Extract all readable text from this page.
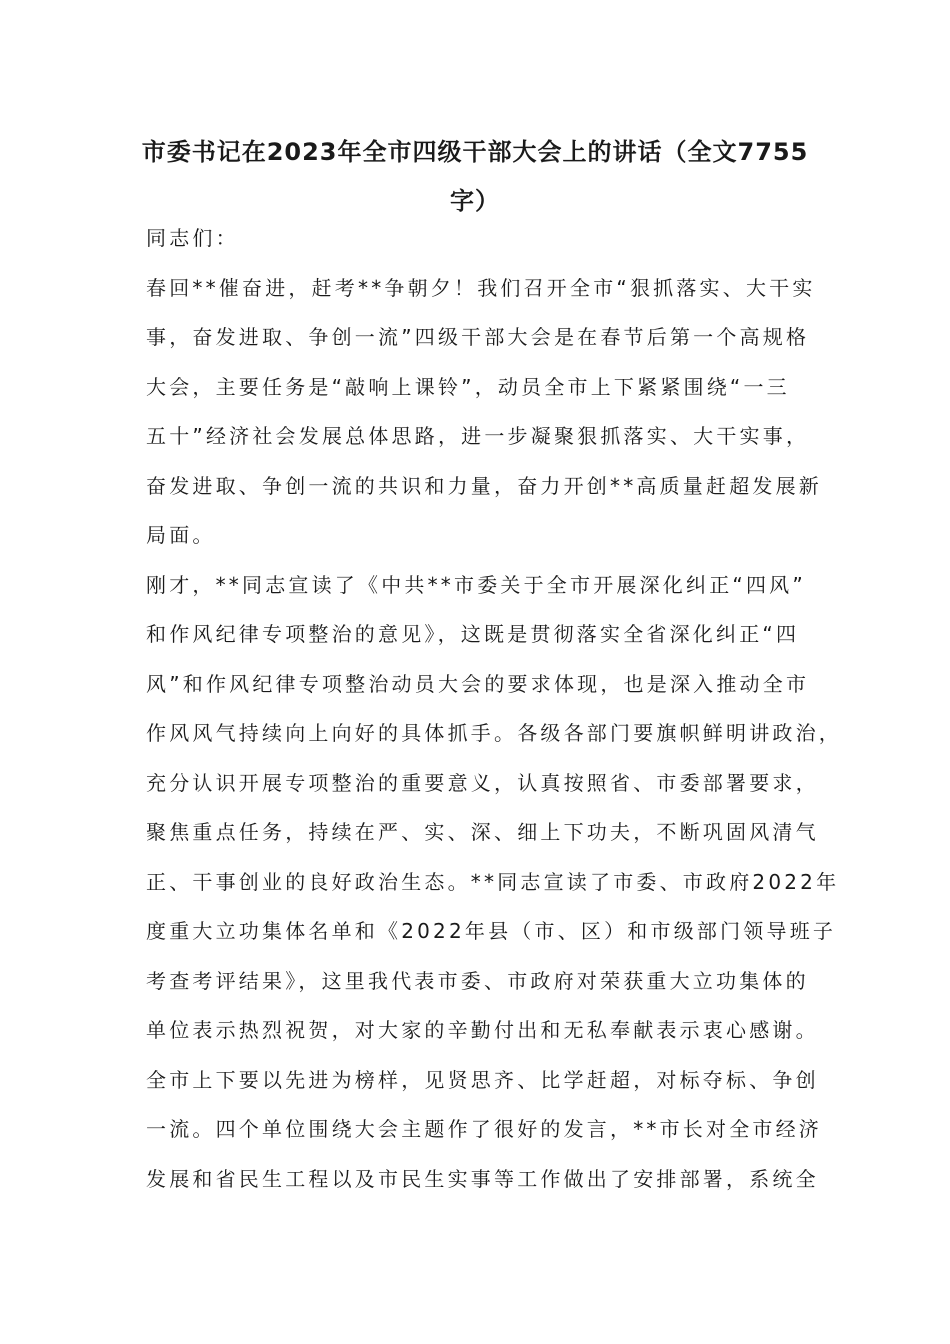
市委书记在2023年全市四级干部大会上的讲话（全文7755
字）

同志们：

春回**催奋进，赶考**争朝夕！我们召开全市“狠抓落实、大干实

事，奋发进取、争创一流”四级干部大会是在春节后第一个高规格

大会，主要任务是“敲响上课铃”，动员全市上下紧紧围绕“一三

五十”经济社会发展总体思路，进一步凝聚狠抓落实、大干实事，

奋发进取、争创一流的共识和力量，奋力开创**高质量赶超发展新

局面。

刚才，**同志宣读了《中共**市委关于全市开展深化纠正“四风”

和作风纪律专项整治的意见》，这既是贯彻落实全省深化纠正“四

风”和作风纪律专项整治动员大会的要求体现，也是深入推动全市

作风风气持续向上向好的具体抓手。各级各部门要旗帜鲜明讲政治，

充分认识开展专项整治的重要意义，认真按照省、市委部署要求，

聚焦重点任务，持续在严、实、深、细上下功夫，不断巩固风清气

正、干事创业的良好政治生态。**同志宣读了市委、市政府2022年

度重大立功集体名单和《2022年县（市、区）和市级部门领导班子

考查考评结果》，这里我代表市委、市政府对荣获重大立功集体的

单位表示热烈祝贺，对大家的辛勤付出和无私奉献表示衷心感谢。

全市上下要以先进为榜样，见贤思齐、比学赶超，对标夺标、争创

一流。四个单位围绕大会主题作了很好的发言，**市长对全市经济

发展和省民生工程以及市民生实事等工作做出了安排部署，系统全
